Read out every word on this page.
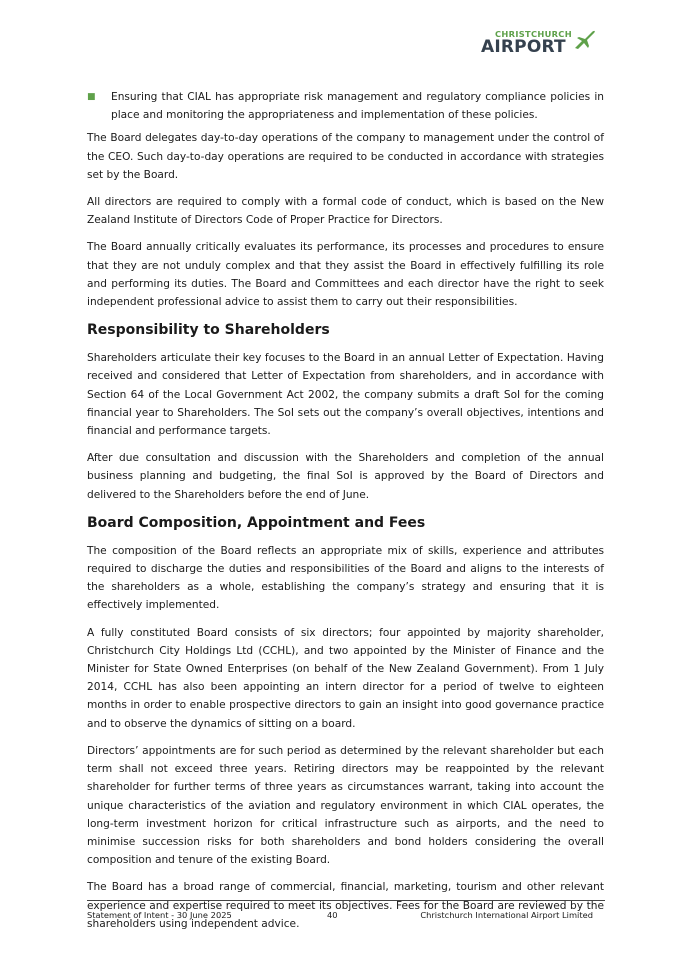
CHRISTCHURCH
AIRPORT
■	Ensuring that CIAL has appropriate risk management and regulatory compliance policies in place and monitoring the appropriateness and implementation of these policies.

The Board delegates day-to-day operations of the company to management under the control of the CEO. Such day-to-day operations are required to be conducted in accordance with strategies set by the Board.

All directors are required to comply with a formal code of conduct, which is based on the New Zealand Institute of Directors Code of Proper Practice for Directors.

The Board annually critically evaluates its performance, its processes and procedures to ensure that they are not unduly complex and that they assist the Board in effectively fulfilling its role and performing its duties. The Board and Committees and each director have the right to seek independent professional advice to assist them to carry out their responsibilities.

Responsibility to Shareholders

Shareholders articulate their key focuses to the Board in an annual Letter of Expectation. Having received and considered that Letter of Expectation from shareholders, and in accordance with Section 64 of the Local Government Act 2002, the company submits a draft SoI for the coming financial year to Shareholders. The SoI sets out the company’s overall objectives, intentions and financial and performance targets.

After due consultation and discussion with the Shareholders and completion of the annual business planning and budgeting, the final SoI is approved by the Board of Directors and delivered to the Shareholders before the end of June.

Board Composition, Appointment and Fees

The composition of the Board reflects an appropriate mix of skills, experience and attributes required to discharge the duties and responsibilities of the Board and aligns to the interests of the shareholders as a whole, establishing the company’s strategy and ensuring that it is effectively implemented.

A fully constituted Board consists of six directors; four appointed by majority shareholder, Christchurch City Holdings Ltd (CCHL), and two appointed by the Minister of Finance and the Minister for State Owned Enterprises (on behalf of the New Zealand Government). From 1 July 2014, CCHL has also been appointing an intern director for a period of twelve to eighteen months in order to enable prospective directors to gain an insight into good governance practice and to observe the dynamics of sitting on a board.

Directors’ appointments are for such period as determined by the relevant shareholder but each term shall not exceed three years. Retiring directors may be reappointed by the relevant shareholder for further terms of three years as circumstances warrant, taking into account the unique characteristics of the aviation and regulatory environment in which CIAL operates, the long-term investment horizon for critical infrastructure such as airports, and the need to minimise succession risks for both shareholders and bond holders considering the overall composition and tenure of the existing Board.

The Board has a broad range of commercial, financial, marketing, tourism and other relevant experience and expertise required to meet its objectives. Fees for the Board are reviewed by the shareholders using independent advice.

Statement of Intent - 30 June 2025	40	Christchurch International Airport Limited
